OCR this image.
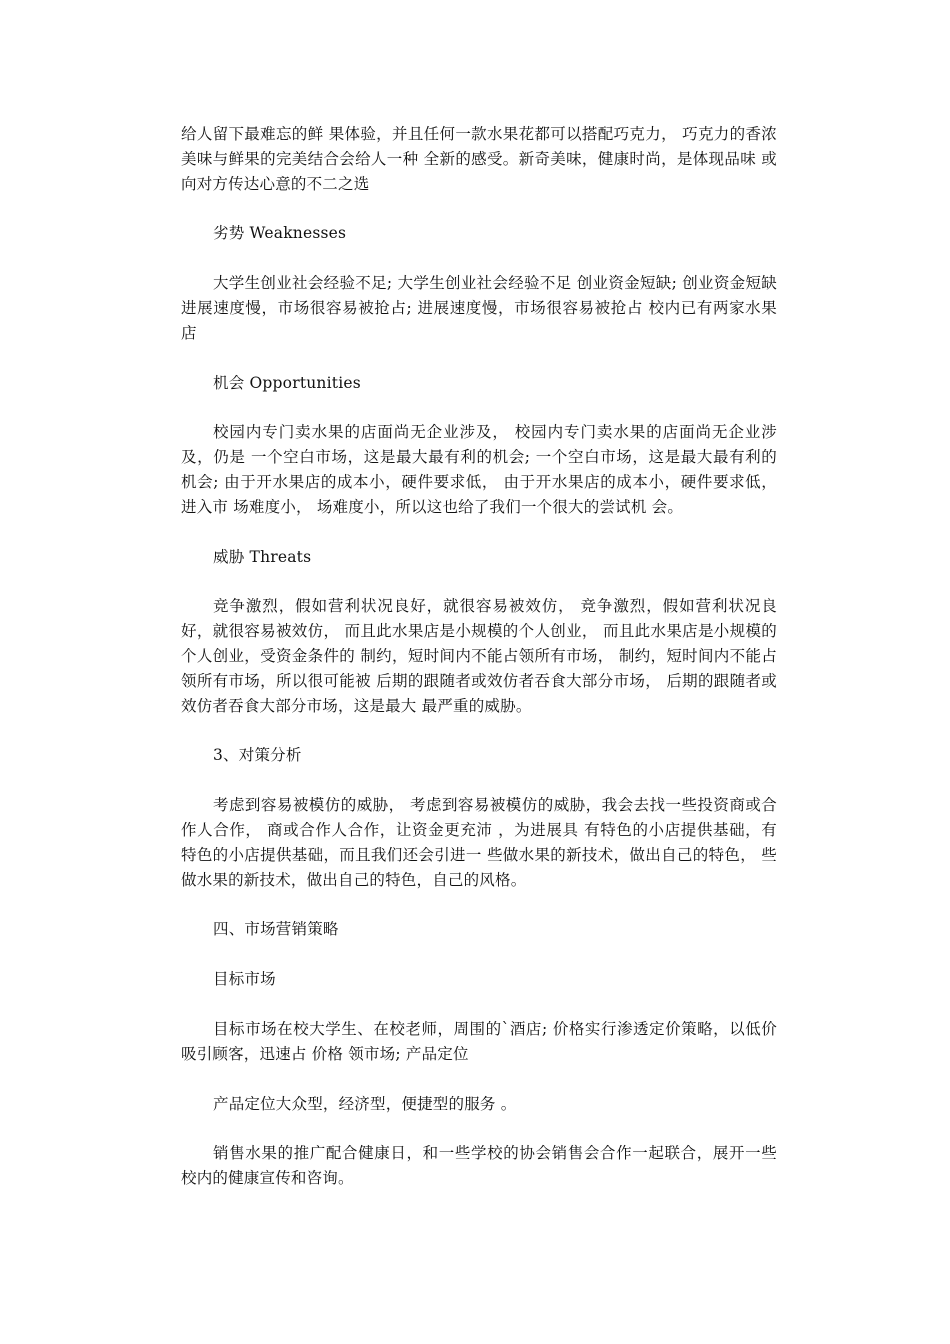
给人留下最难忘的鲜 果体验，并且任何一款水果花都可以搭配巧克力， 巧克力的香浓美味与鲜果的完美结合会给人一种 全新的感受。新奇美味，健康时尚，是体现品味 或向对方传达心意的不二之选

劣势 Weaknesses

大学生创业社会经验不足; 大学生创业社会经验不足 创业资金短缺; 创业资金短缺 进展速度慢，市场很容易被抢占; 进展速度慢，市场很容易被抢占 校内已有两家水果店

机会 Opportunities

校园内专门卖水果的店面尚无企业涉及， 校园内专门卖水果的店面尚无企业涉及，仍是 一个空白市场，这是最大最有利的机会; 一个空白市场，这是最大最有利的机会; 由于开水果店的成本小，硬件要求低， 由于开水果店的成本小，硬件要求低，进入市 场难度小， 场难度小，所以这也给了我们一个很大的尝试机 会。

威胁 Threats

竞争激烈，假如营利状况良好，就很容易被效仿， 竞争激烈，假如营利状况良好，就很容易被效仿， 而且此水果店是小规模的个人创业， 而且此水果店是小规模的个人创业，受资金条件的 制约，短时间内不能占领所有市场， 制约，短时间内不能占领所有市场，所以很可能被 后期的跟随者或效仿者吞食大部分市场， 后期的跟随者或效仿者吞食大部分市场，这是最大 最严重的威胁。

3、对策分析

考虑到容易被模仿的威胁， 考虑到容易被模仿的威胁，我会去找一些投资商或合作人合作， 商或合作人合作，让资金更充沛 ，为进展具 有特色的小店提供基础，有特色的小店提供基础，而且我们还会引进一 些做水果的新技术，做出自己的特色， 些做水果的新技术，做出自己的特色，自己的风格。

四、市场营销策略

目标市场

目标市场在校大学生、在校老师，周围的`酒店; 价格实行渗透定价策略，以低价吸引顾客，迅速占 价格 领市场; 产品定位

产品定位大众型，经济型，便捷型的服务 。

销售水果的推广配合健康日，和一些学校的协会销售会合作一起联合，展开一些校内的健康宣传和咨询。
